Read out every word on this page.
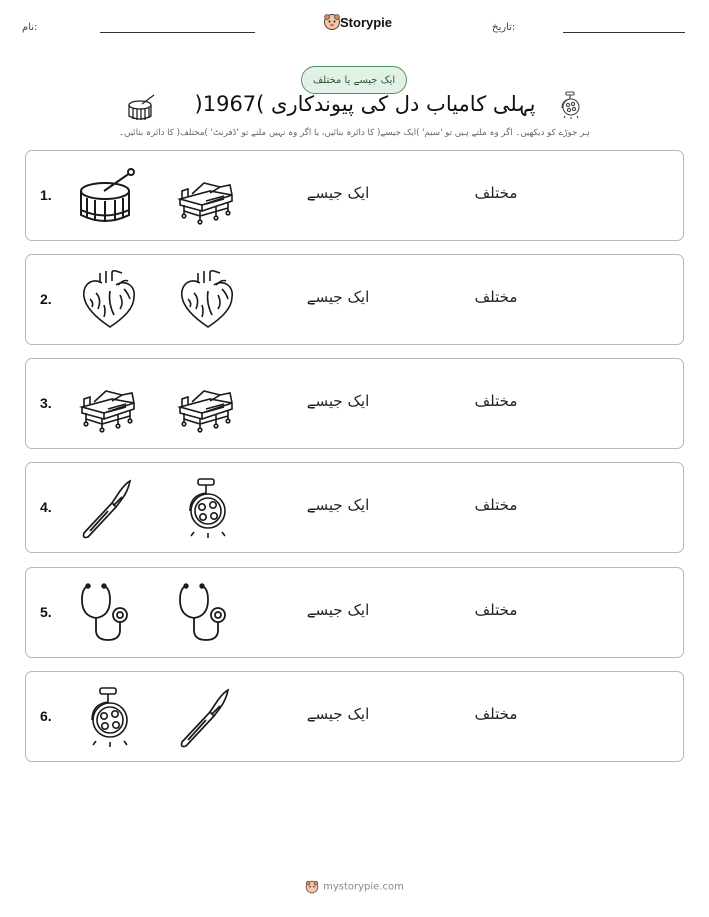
نام:	Storypie	تاریخ:
ایک جیسے یا مختلف
پہلی کامیاب دل کی پیوندکاری )1967(
ہر جوڑے کو دیکھیں۔ اگر وہ ملتے ہیں تو 'سیم' )ایک جیسے( کا دائرہ بنائیں، یا اگر وہ نہیں ملتے تو 'ڈفرنٹ' )مختلف( کا دائرہ بنائیں۔
1.	ایک جیسے	مختلف
2.	ایک جیسے	مختلف
3.	ایک جیسے	مختلف
4.	ایک جیسے	مختلف
5.	ایک جیسے	مختلف
6.	ایک جیسے	مختلف
mystorypie.com
